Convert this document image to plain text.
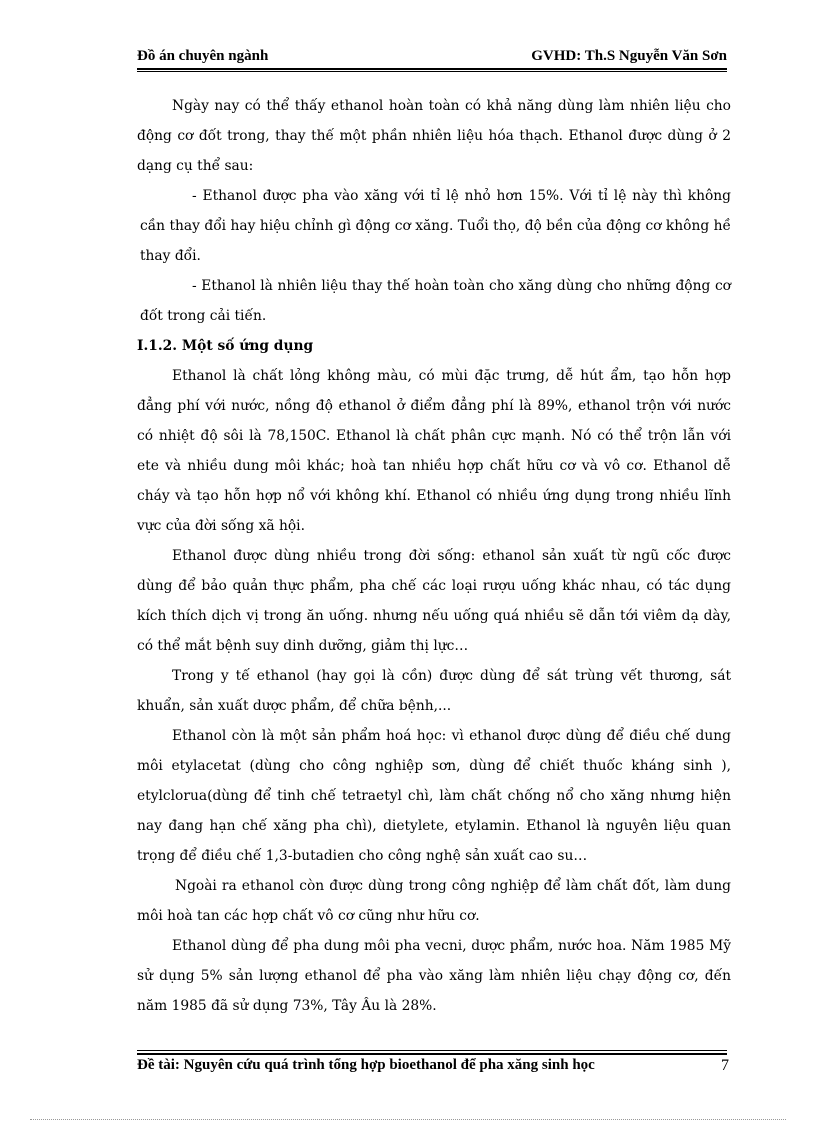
Đồ án chuyên ngành	GVHD: Th.S Nguyễn Văn Sơn

Ngày nay có thể thấy ethanol hoàn toàn có khả năng dùng làm nhiên liệu cho động cơ đốt trong, thay thế một phần nhiên liệu hóa thạch. Ethanol được dùng ở 2 dạng cụ thể sau:

- Ethanol được pha vào xăng với tỉ lệ nhỏ hơn 15%. Với tỉ lệ này thì không cần thay đổi hay hiệu chỉnh gì động cơ xăng. Tuổi thọ, độ bền của động cơ không hề thay đổi.

- Ethanol là nhiên liệu thay thế hoàn toàn cho xăng dùng cho những động cơ đốt trong cải tiến.

I.1.2. Một số ứng dụng

Ethanol là chất lỏng không màu, có mùi đặc trưng, dễ hút ẩm, tạo hỗn hợp đẳng phí với nước, nồng độ ethanol ở điểm đẳng phí là 89%, ethanol trộn với nước có nhiệt độ sôi là 78,150C. Ethanol là chất phân cực mạnh. Nó có thể trộn lẫn với ete và nhiều dung môi khác; hoà tan nhiều hợp chất hữu cơ và vô cơ. Ethanol dễ cháy và tạo hỗn hợp nổ với không khí. Ethanol có nhiều ứng dụng trong nhiều lĩnh vực của đời sống xã hội.

Ethanol được dùng nhiều trong đời sống: ethanol sản xuất từ ngũ cốc được dùng để bảo quản thực phẩm, pha chế các loại rượu uống khác nhau, có tác dụng kích thích dịch vị trong ăn uống. nhưng nếu uống quá nhiều sẽ dẫn tới viêm dạ dày, có thể mắt bệnh suy dinh dưỡng, giảm thị lực…

Trong y tế ethanol (hay gọi là cồn) được dùng để sát trùng vết thương, sát khuẩn, sản xuất dược phẩm, để chữa bệnh,...

Ethanol còn là một sản phẩm hoá học: vì ethanol được dùng để điều chế dung môi etylacetat (dùng cho công nghiệp sơn, dùng để chiết thuốc kháng sinh ), etylclorua(dùng để tinh chế tetraetyl chì, làm chất chống nổ cho xăng nhưng hiện nay đang hạn chế xăng pha chì), dietylete, etylamin. Ethanol là nguyên liệu quan trọng để điều chế 1,3-butadien cho công nghệ sản xuất cao su…

Ngoài ra ethanol còn được dùng trong công nghiệp để làm chất đốt, làm dung môi hoà tan các hợp chất vô cơ cũng như hữu cơ.

Ethanol dùng để pha dung môi pha vecni, dược phẩm, nước hoa. Năm 1985 Mỹ sử dụng 5% sản lượng ethanol để pha vào xăng làm nhiên liệu chạy động cơ, đến năm 1985 đã sử dụng 73%, Tây Âu là 28%.

Đề tài: Nguyên cứu quá trình tổng hợp bioethanol để pha xăng sinh học	7
